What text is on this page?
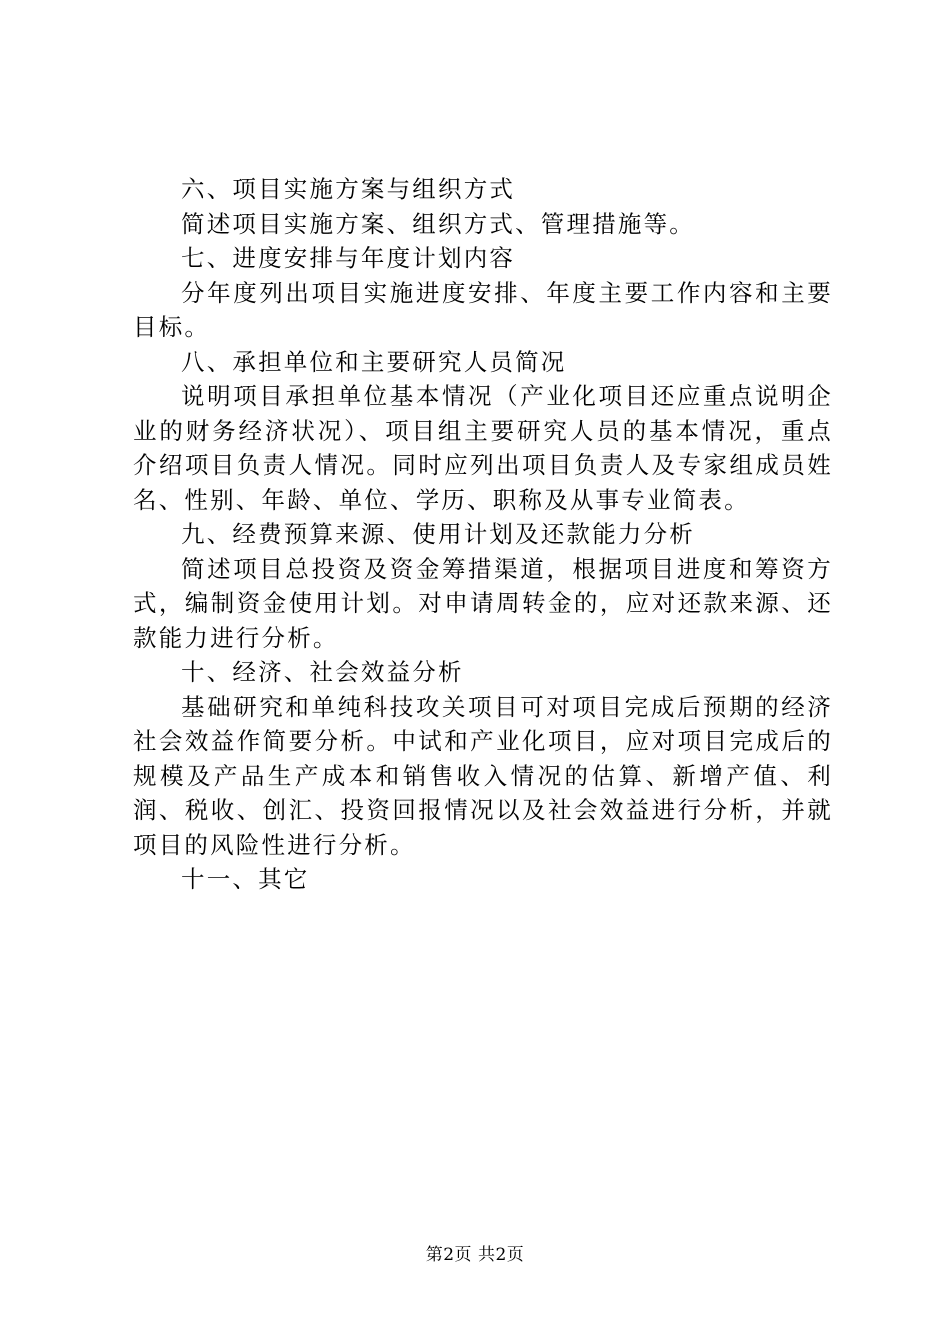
六、项目实施方案与组织方式

简述项目实施方案、组织方式、管理措施等。

七、进度安排与年度计划内容

分年度列出项目实施进度安排、年度主要工作内容和主要目标。

八、承担单位和主要研究人员简况

说明项目承担单位基本情况（产业化项目还应重点说明企业的财务经济状况）、项目组主要研究人员的基本情况，重点介绍项目负责人情况。同时应列出项目负责人及专家组成员姓名、性别、年龄、单位、学历、职称及从事专业简表。

九、经费预算来源、使用计划及还款能力分析

简述项目总投资及资金筹措渠道，根据项目进度和筹资方式，编制资金使用计划。对申请周转金的，应对还款来源、还款能力进行分析。

十、经济、社会效益分析

基础研究和单纯科技攻关项目可对项目完成后预期的经济社会效益作简要分析。中试和产业化项目，应对项目完成后的规模及产品生产成本和销售收入情况的估算、新增产值、利润、税收、创汇、投资回报情况以及社会效益进行分析，并就项目的风险性进行分析。

十一、其它

第2页 共2页
